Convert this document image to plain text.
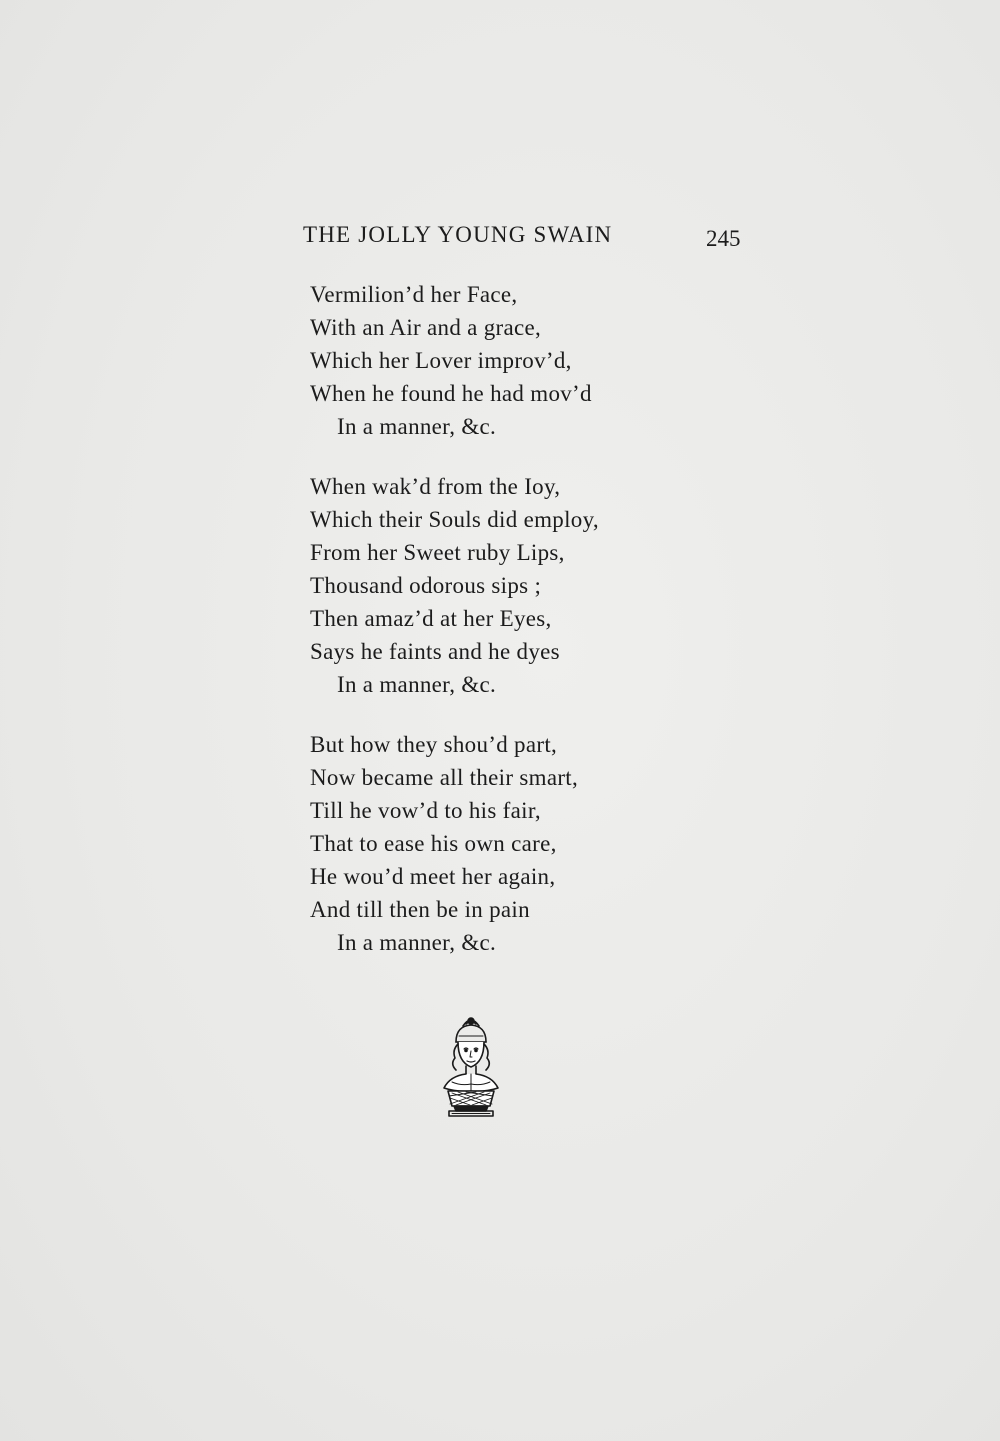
THE JOLLY YOUNG SWAIN	245
Vermilion’d her Face,
With an Air and a grace,
Which her Lover improv’d,
When he found he had mov’d
In a manner, &c.
When wak’d from the Ioy,
Which their Souls did employ,
From her Sweet ruby Lips,
Thousand odorous sips ;
Then amaz’d at her Eyes,
Says he faints and he dyes
In a manner, &c.
But how they shou’d part,
Now became all their smart,
Till he vow’d to his fair,
That to ease his own care,
He wou’d meet her again,
And till then be in pain
In a manner, &c.
